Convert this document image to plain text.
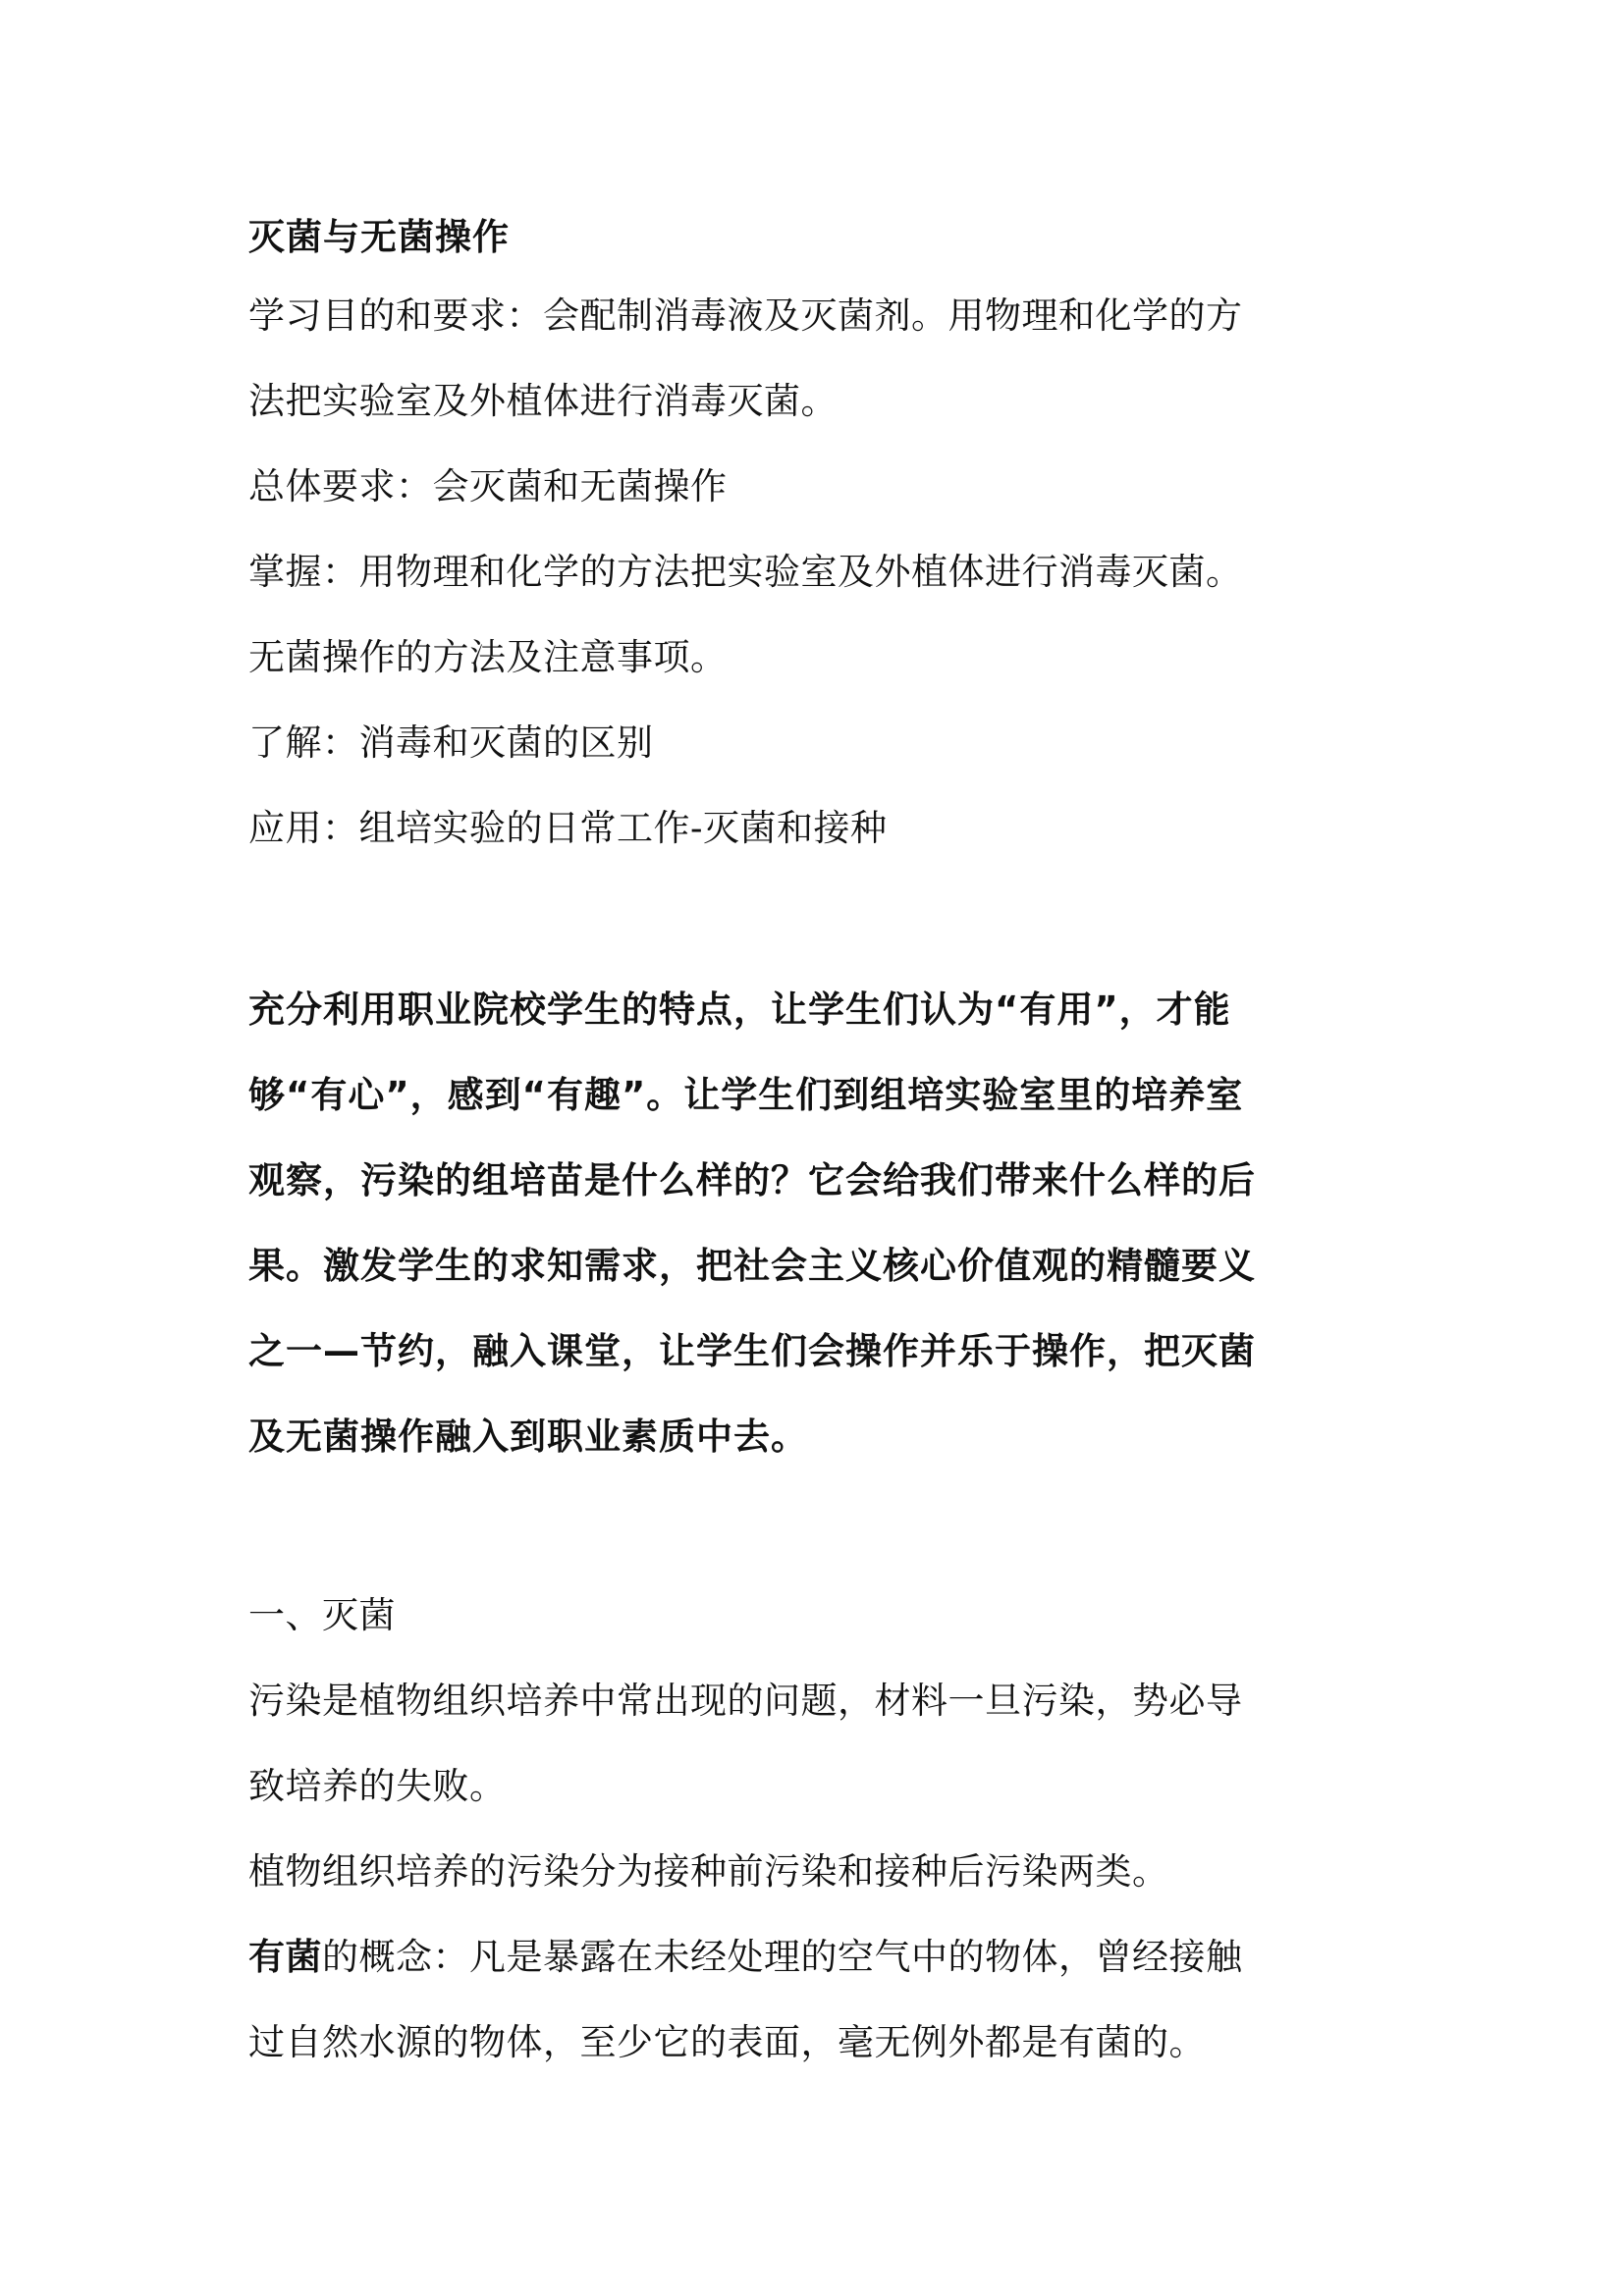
灭菌与无菌操作
学习目的和要求：会配制消毒液及灭菌剂。用物理和化学的方
法把实验室及外植体进行消毒灭菌。
总体要求：会灭菌和无菌操作
掌握：用物理和化学的方法把实验室及外植体进行消毒灭菌。
无菌操作的方法及注意事项。
了解：消毒和灭菌的区别
应用：组培实验的日常工作-灭菌和接种
充分利用职业院校学生的特点，让学生们认为“有用”，才能
够“有心”，感到“有趣”。让学生们到组培实验室里的培养室
观察，污染的组培苗是什么样的？它会给我们带来什么样的后
果。激发学生的求知需求，把社会主义核心价值观的精髓要义
之一—节约，融入课堂，让学生们会操作并乐于操作，把灭菌
及无菌操作融入到职业素质中去。
一、灭菌
污染是植物组织培养中常出现的问题，材料一旦污染，势必导
致培养的失败。
植物组织培养的污染分为接种前污染和接种后污染两类。
有菌的概念：凡是暴露在未经处理的空气中的物体，曾经接触
过自然水源的物体，至少它的表面，毫无例外都是有菌的。
